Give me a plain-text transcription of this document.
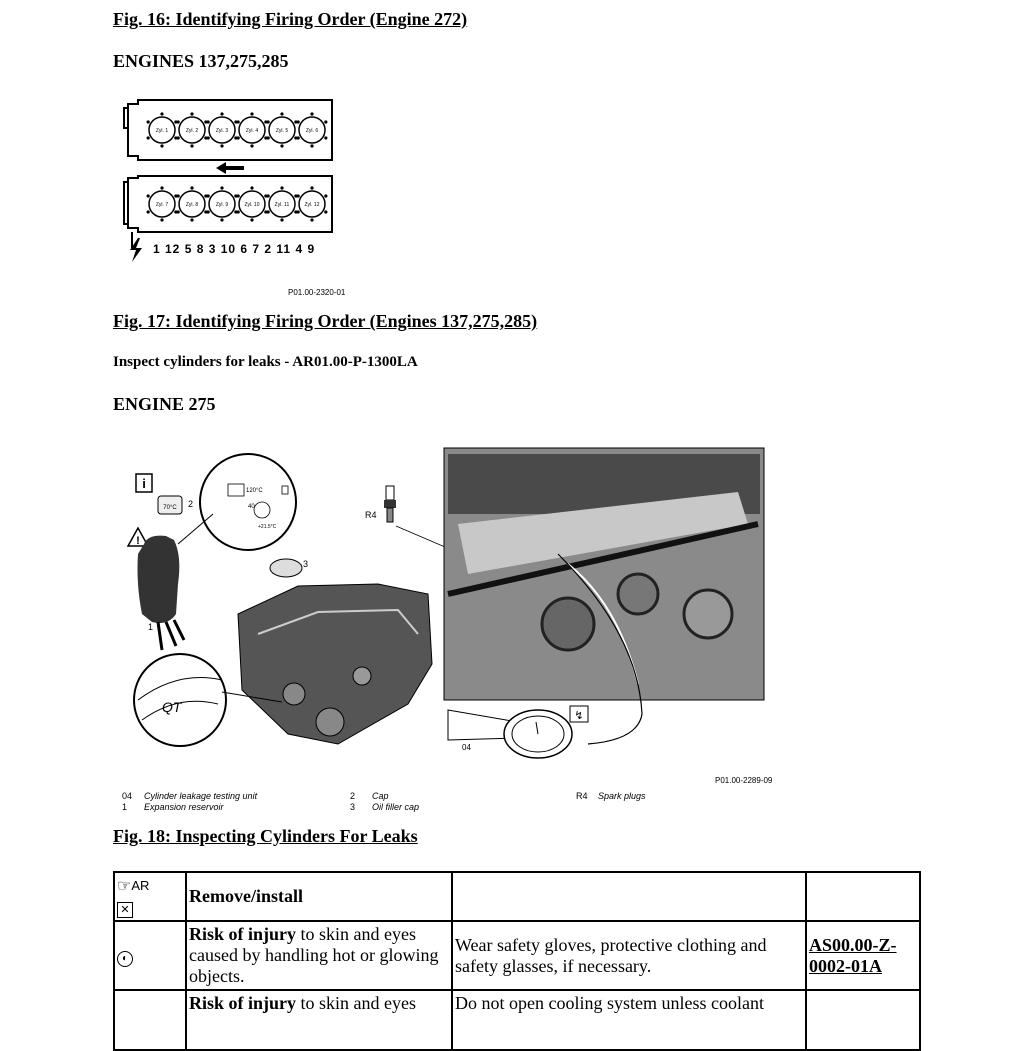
Fig. 16: Identifying Firing Order (Engine 272)
ENGINES 137,275,285
Zyl. 1	Zyl. 2	Zyl. 3	Zyl. 4	Zyl. 5	Zyl. 6
Zyl. 7	Zyl. 8	Zyl. 9	Zyl. 10	Zyl. 11	Zyl. 12
1 12 5 8 3 10 6 7 2 11 4 9
P01.00-2320-01
Fig. 17: Identifying Firing Order (Engines 137,275,285)
Inspect cylinders for leaks - AR01.00-P-1300LA
ENGINE 275
i
70°C 2
!
1
120°C
40
+21.5°C
3
QT
R4
04
↯
P01.00-2289-09
04 Cylinder leakage testing unit
1 Expansion reservoir
2 Cap
3 Oil filler cap
R4 Spark plugs
Fig. 18: Inspecting Cylinders For Leaks
☞$^{AR}$
✕	Remove/install		
◐	Risk of injury to skin and eyes caused by handling hot or glowing objects.	Wear safety gloves, protective clothing and safety glasses, if necessary.	AS00.00-Z-0002-01A
	Risk of injury to skin and eyes	Do not open cooling system unless coolant	
